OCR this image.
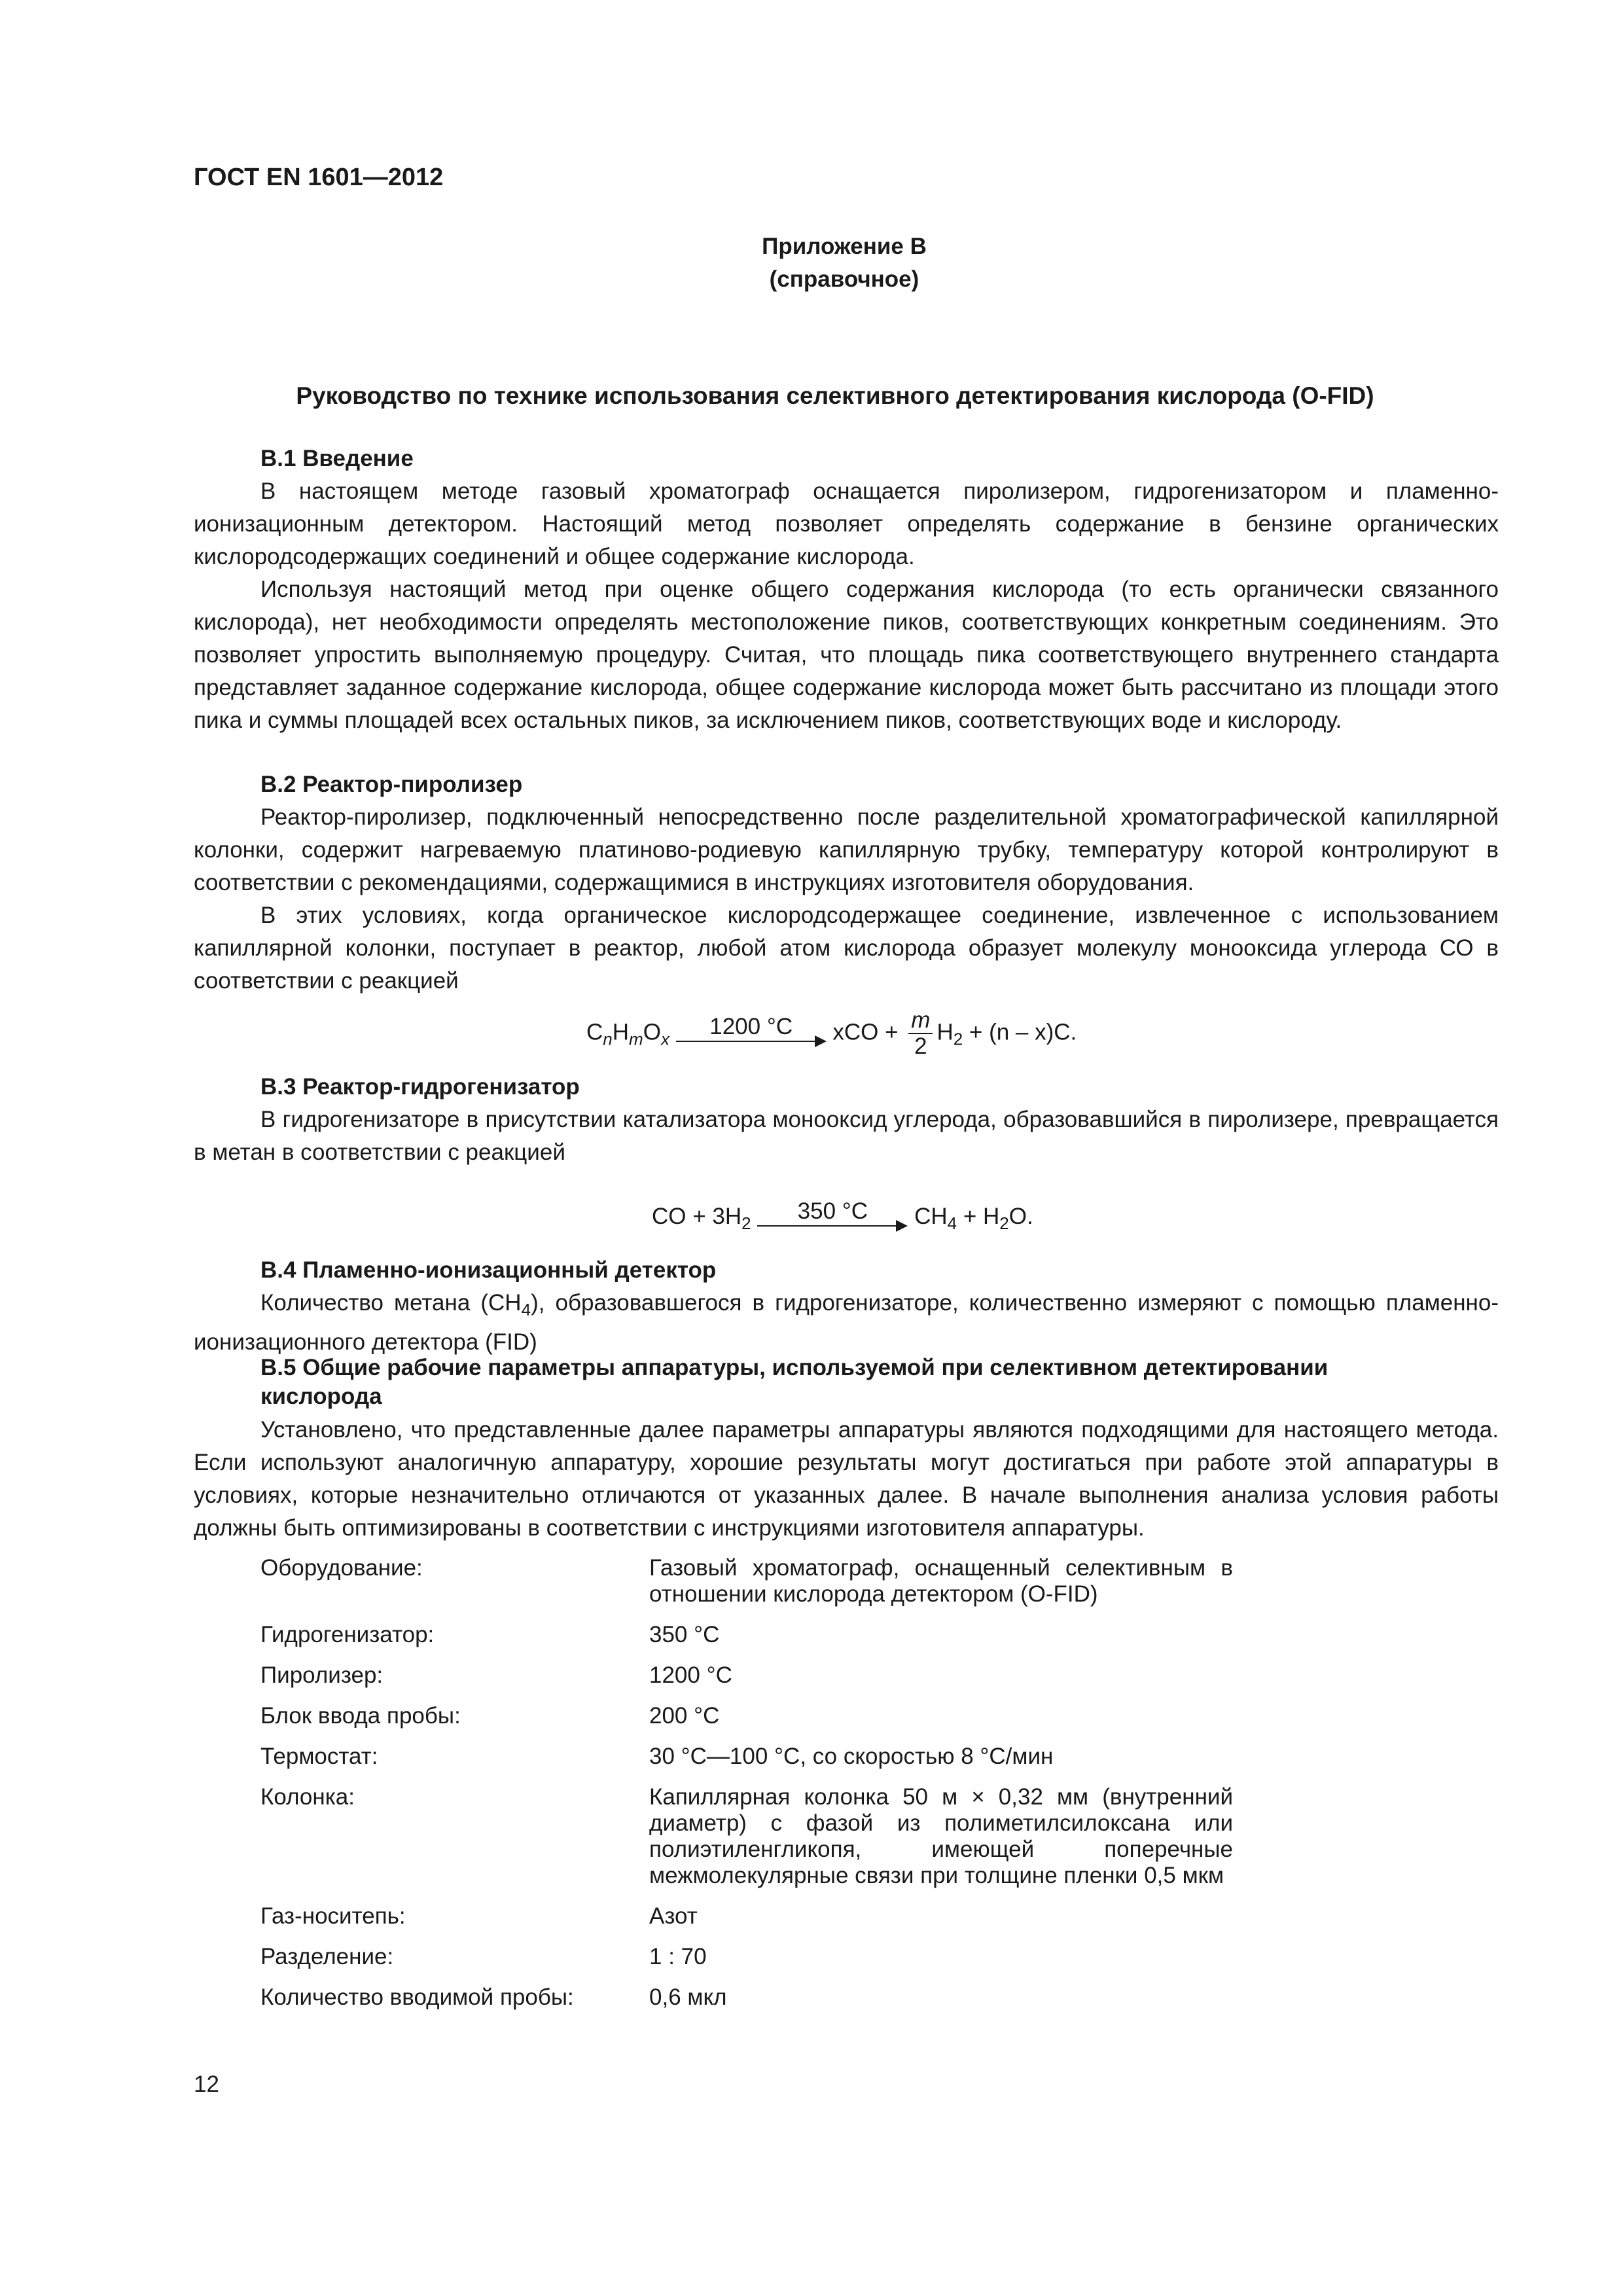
ГОСТ EN 1601—2012
Приложение В
(справочное)
Руководство по технике использования селективного детектирования кислорода (O-FID)
В.1 Введение

В настоящем методе газовый хроматограф оснащается пиролизером, гидрогенизатором и пламенно-ионизационным детектором. Настоящий метод позволяет определять содержание в бензине органических кислородсодержащих соединений и общее содержание кислорода.

Используя настоящий метод при оценке общего содержания кислорода (то есть органически связанного кислорода), нет необходимости определять местоположение пиков, соответствующих конкретным соединениям. Это позволяет упростить выполняемую процедуру. Считая, что площадь пика соответствующего внутреннего стандарта представляет заданное содержание кислорода, общее содержание кислорода может быть рассчитано из площади этого пика и суммы площадей всех остальных пиков, за исключением пиков, соответствующих воде и кислороду.

В.2 Реактор-пиролизер

Реактор-пиролизер, подключенный непосредственно после разделительной хроматографической капиллярной колонки, содержит нагреваемую платиново-родиевую капиллярную трубку, температуру которой контролируют в соответствии с рекомендациями, содержащимися в инструкциях изготовителя оборудования.

В этих условиях, когда органическое кислородсодержащее соединение, извлеченное с использованием капиллярной колонки, поступает в реактор, любой атом кислорода образует молекулу монооксида углерода СО в соответствии с реакцией

$C_nH_mO_x$	1200 °C	xCO + $\frac{m}{2} H_2 + (n - x)C$.
В.3 Реактор-гидрогенизатор

В гидрогенизаторе в присутствии катализатора монооксид углерода, образовавшийся в пиролизере, превращается в метан в соответствии с реакцией

CO + $3H_2$	350 °C	$CH_4 + H_2O$.
В.4 Пламенно-ионизационный детектор

Количество метана $(СН_4)$, образовавшегося в гидрогенизаторе, количественно измеряют с помощью пламенно-ионизационного детектора (FID)

В.5 Общие рабочие параметры аппаратуры, используемой при селективном детектировании
кислорода

Установлено, что представленные далее параметры аппаратуры являются подходящими для настоящего метода. Если используют аналогичную аппаратуру, хорошие результаты могут достигаться при работе этой аппаратуры в условиях, которые незначительно отличаются от указанных далее. В начале выполнения анализа условия работы должны быть оптимизированы в соответствии с инструкциями изготовителя аппаратуры.

Оборудование:	Газовый хроматограф, оснащенный селективным в отношении кислорода детектором (O-FID)
Гидрогенизатор:	350 °С
Пиролизер:	1200 °С
Блок ввода пробы:	200 °С
Термостат:	30 °С—100 °С, со скоростью 8 °С/мин
Колонка:	Капиллярная колонка 50 м × 0,32 мм (внутренний диаметр) с фазой из полиметилсилоксана или полиэтиленгликопя, имеющей поперечные межмолекулярные связи при толщине пленки 0,5 мкм
Газ-носитепь:	Азот
Разделение:	1 : 70
Количество вводимой пробы:	0,6 мкл
12
